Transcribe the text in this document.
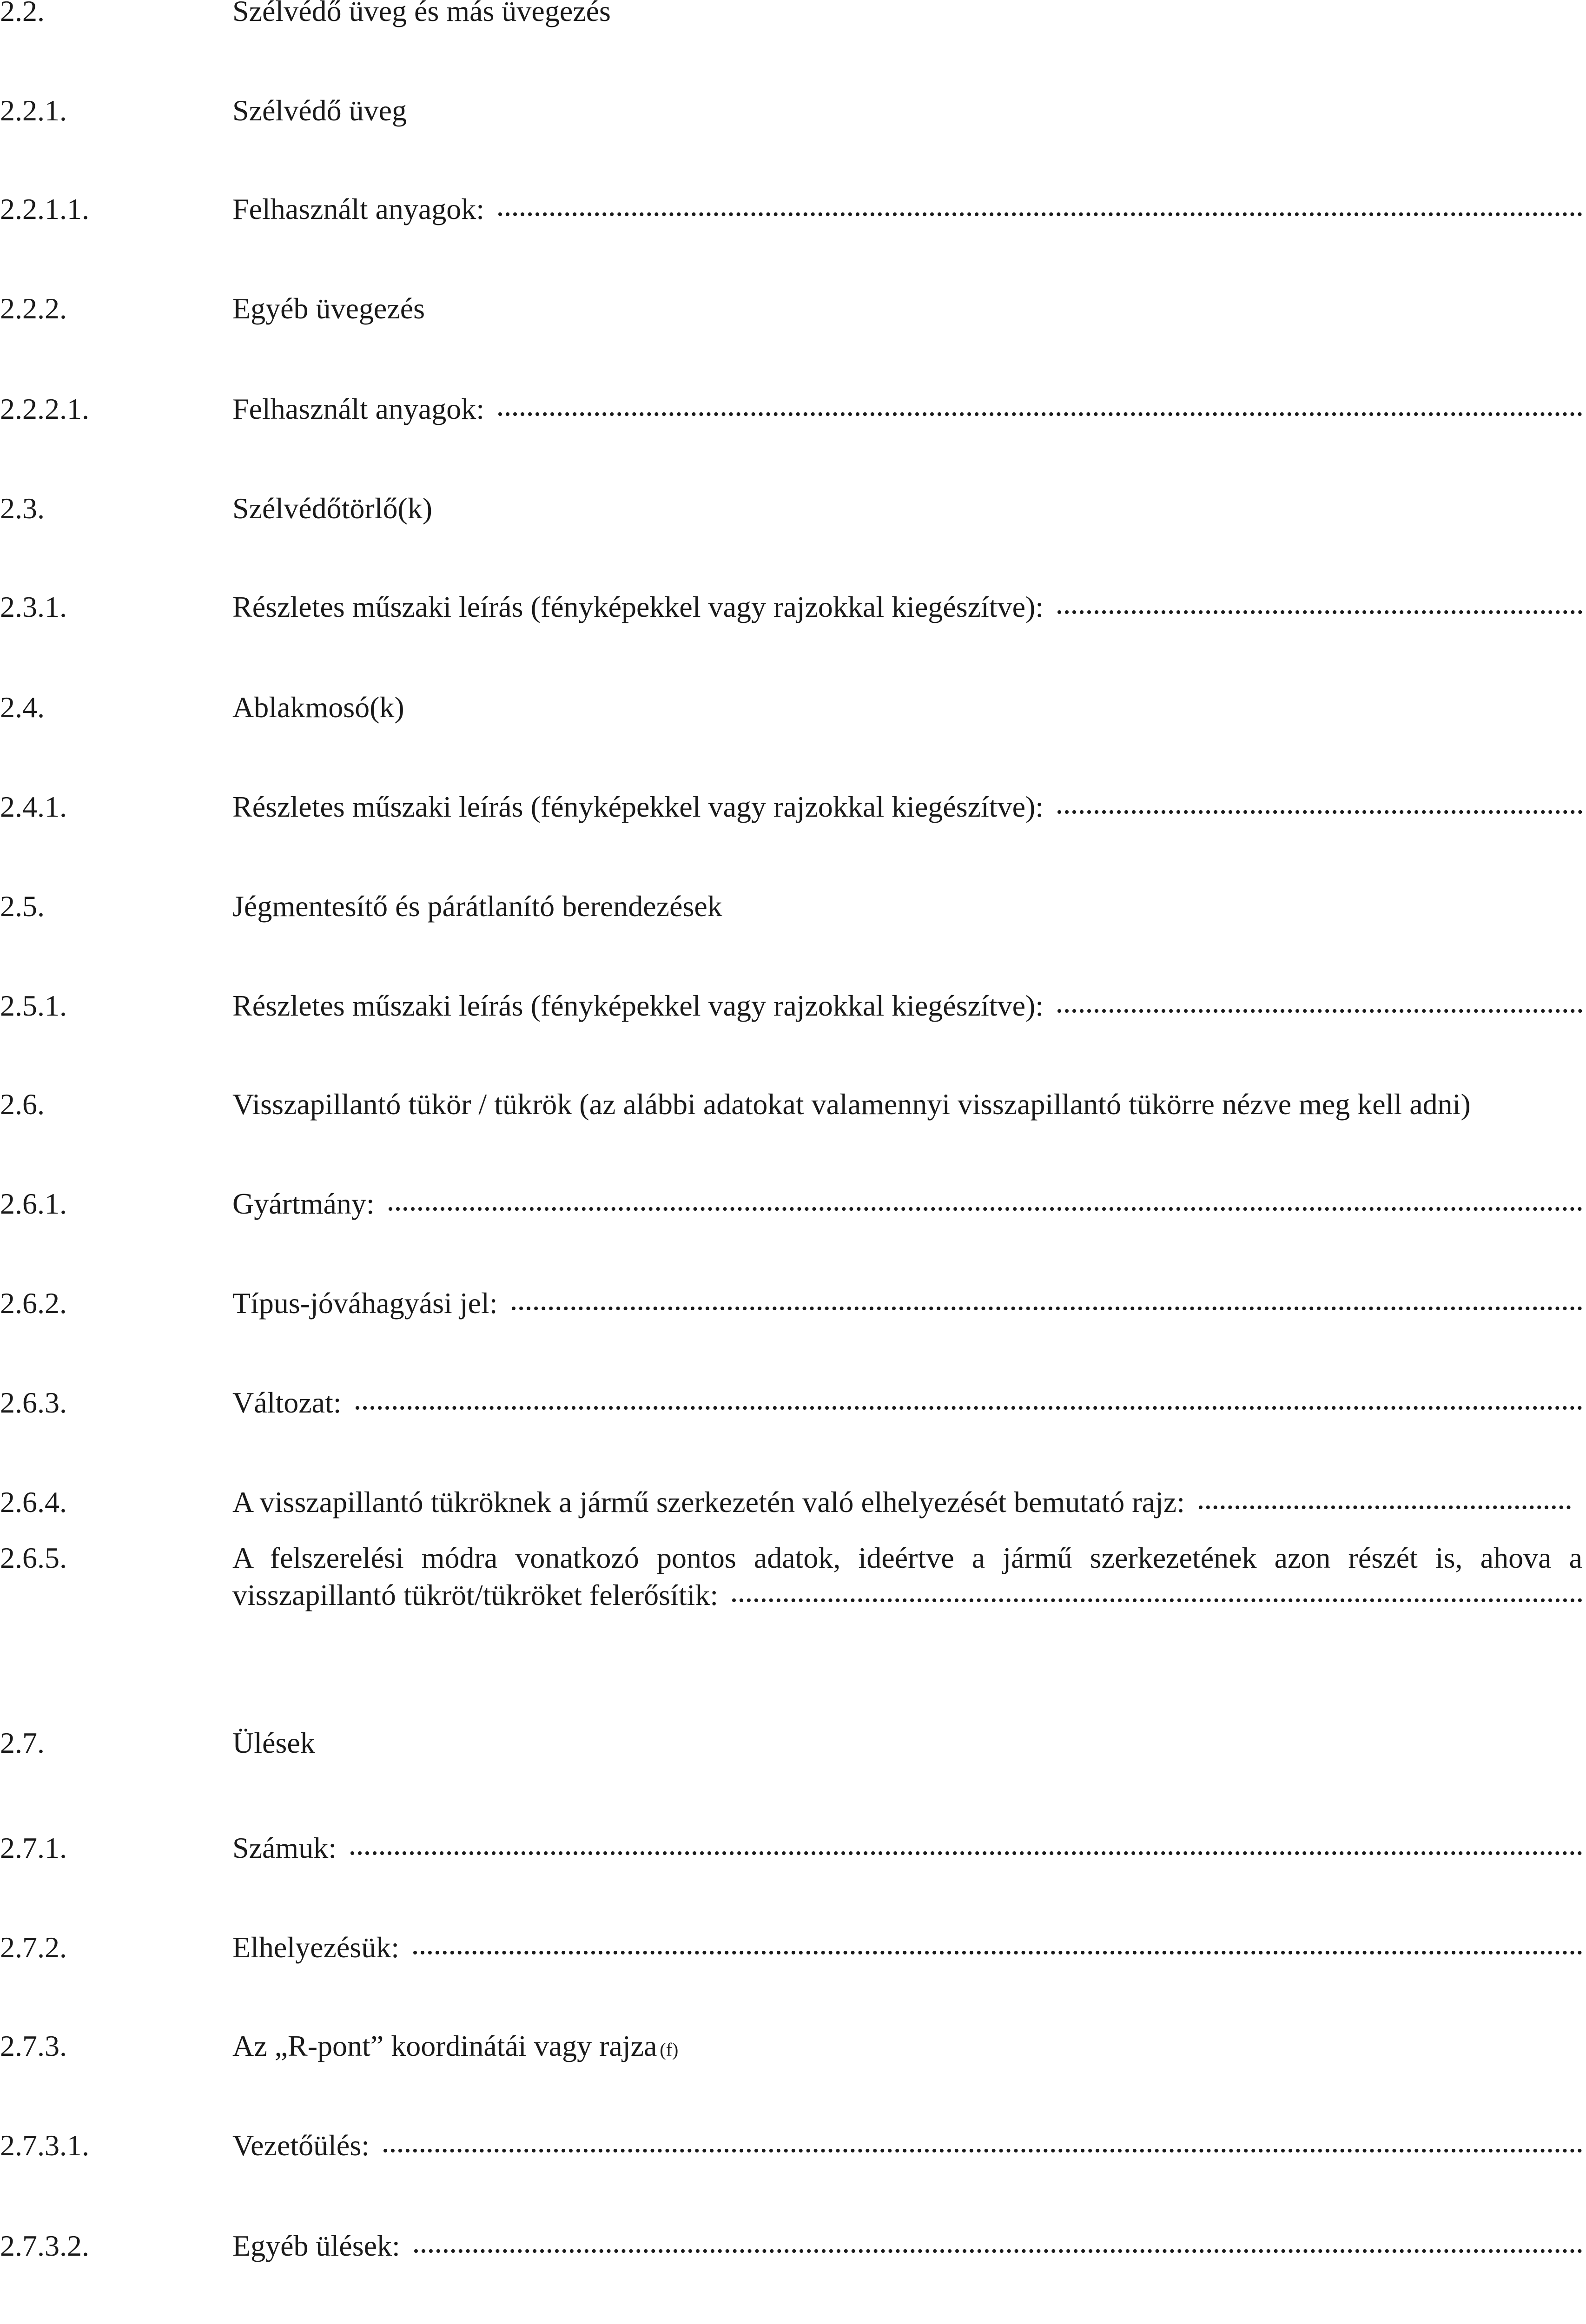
2.2.	Szélvédő üveg és más üvegezés
2.2.1.	Szélvédő üveg
2.2.1.1.	Felhasznált anyagok:
2.2.2.	Egyéb üvegezés
2.2.2.1.	Felhasznált anyagok:
2.3.	Szélvédőtörlő(k)
2.3.1.	Részletes műszaki leírás (fényképekkel vagy rajzokkal kiegészítve):
2.4.	Ablakmosó(k)
2.4.1.	Részletes műszaki leírás (fényképekkel vagy rajzokkal kiegészítve):
2.5.	Jégmentesítő és párátlanító berendezések
2.5.1.	Részletes műszaki leírás (fényképekkel vagy rajzokkal kiegészítve):
2.6.	Visszapillantó tükör / tükrök (az alábbi adatokat valamennyi visszapillantó tükörre nézve meg kell adni)
2.6.1.	Gyártmány:
2.6.2.	Típus-jóváhagyási jel:
2.6.3.	Változat:
2.6.4.	A visszapillantó tükröknek a jármű szerkezetén való elhelyezését bemutató rajz:
2.6.5.	A felszerelési módra vonatkozó pontos adatok, ideértve a jármű szerkezetének azon részét is, ahova a
visszapillantó tükröt/tükröket felerősítik:
2.7.	Ülések
2.7.1.	Számuk:
2.7.2.	Elhelyezésük:
2.7.3.	Az „R-pont” koordinátái vagy rajza (f)
2.7.3.1.	Vezetőülés:
2.7.3.2.	Egyéb ülések:
